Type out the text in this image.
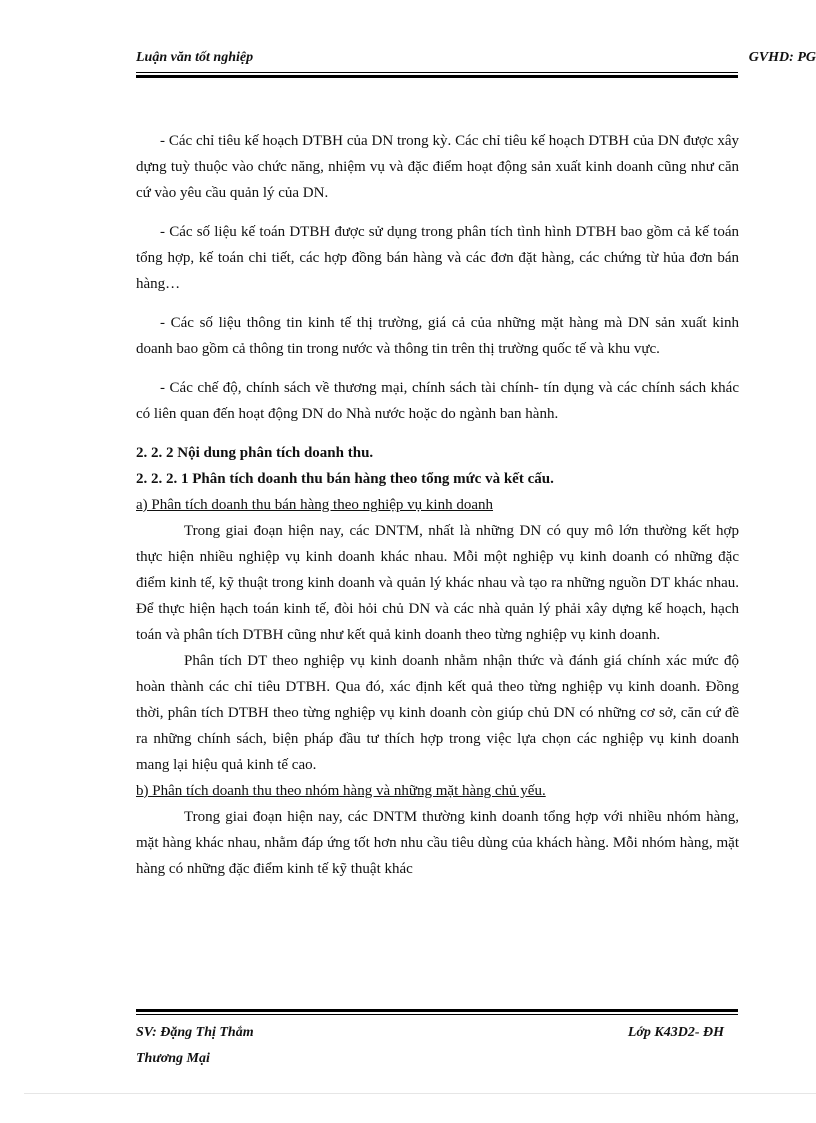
Luận văn tốt nghiệp	GVHD: PG

- Các chỉ tiêu kế hoạch DTBH của DN trong kỳ. Các chỉ tiêu kế hoạch DTBH của DN được xây dựng tuỳ thuộc vào chức năng, nhiệm vụ và đặc điểm hoạt động sản xuất kinh doanh cũng như căn cứ vào yêu cầu quản lý của DN.

- Các số liệu kế toán DTBH được sử dụng trong phân tích tình hình DTBH bao gồm cả kế toán tổng hợp, kế toán chi tiết, các hợp đồng bán hàng và các đơn đặt hàng, các chứng từ hủa đơn bán hàng…

- Các số liệu thông tin kinh tế thị trường, giá cả của những mặt hàng mà DN sản xuất kinh doanh bao gồm cả thông tin trong nước và thông tin trên thị trường quốc tế và khu vực.

- Các chế độ, chính sách về thương mại, chính sách tài chính- tín dụng và các chính sách khác có liên quan đến hoạt động DN do Nhà nước hoặc do ngành ban hành.

2. 2. 2 Nội dung phân tích doanh thu.

2. 2. 2. 1 Phân tích doanh thu bán hàng theo tổng mức và kết cấu.

a) Phân tích doanh thu bán hàng theo nghiệp vụ kinh doanh

Trong giai đoạn hiện nay, các DNTM, nhất là những DN có quy mô lớn thường kết hợp thực hiện nhiều nghiệp vụ kinh doanh khác nhau. Mỗi một nghiệp vụ kinh doanh có những đặc điểm kinh tế, kỹ thuật trong kinh doanh và quản lý khác nhau và tạo ra những nguồn DT khác nhau. Để thực hiện hạch toán kinh tế, đòi hỏi chủ DN và các nhà quản lý phải xây dựng kế hoạch, hạch toán và phân tích DTBH cũng như kết quả kinh doanh theo từng nghiệp vụ kinh doanh.

Phân tích DT theo nghiệp vụ kinh doanh nhằm nhận thức và đánh giá chính xác mức độ hoàn thành các chỉ tiêu DTBH. Qua đó, xác định kết quả theo từng nghiệp vụ kinh doanh. Đồng thời, phân tích DTBH theo từng nghiệp vụ kinh doanh còn giúp chủ DN có những cơ sở, căn cứ đề ra những chính sách, biện pháp đầu tư thích hợp trong việc lựa chọn các nghiệp vụ kinh doanh mang lại hiệu quả kinh tế cao.

b) Phân tích doanh thu theo nhóm hàng và những mặt hàng chủ yếu.

Trong giai đoạn hiện nay, các DNTM thường kinh doanh tổng hợp với nhiều nhóm hàng, mặt hàng khác nhau, nhằm đáp ứng tốt hơn nhu cầu tiêu dùng của khách hàng. Mỗi nhóm hàng, mặt hàng có những đặc điểm kinh tế kỹ thuật khác

SV: Đặng Thị Thắm	Lớp K43D2- ĐH
Thương Mại
